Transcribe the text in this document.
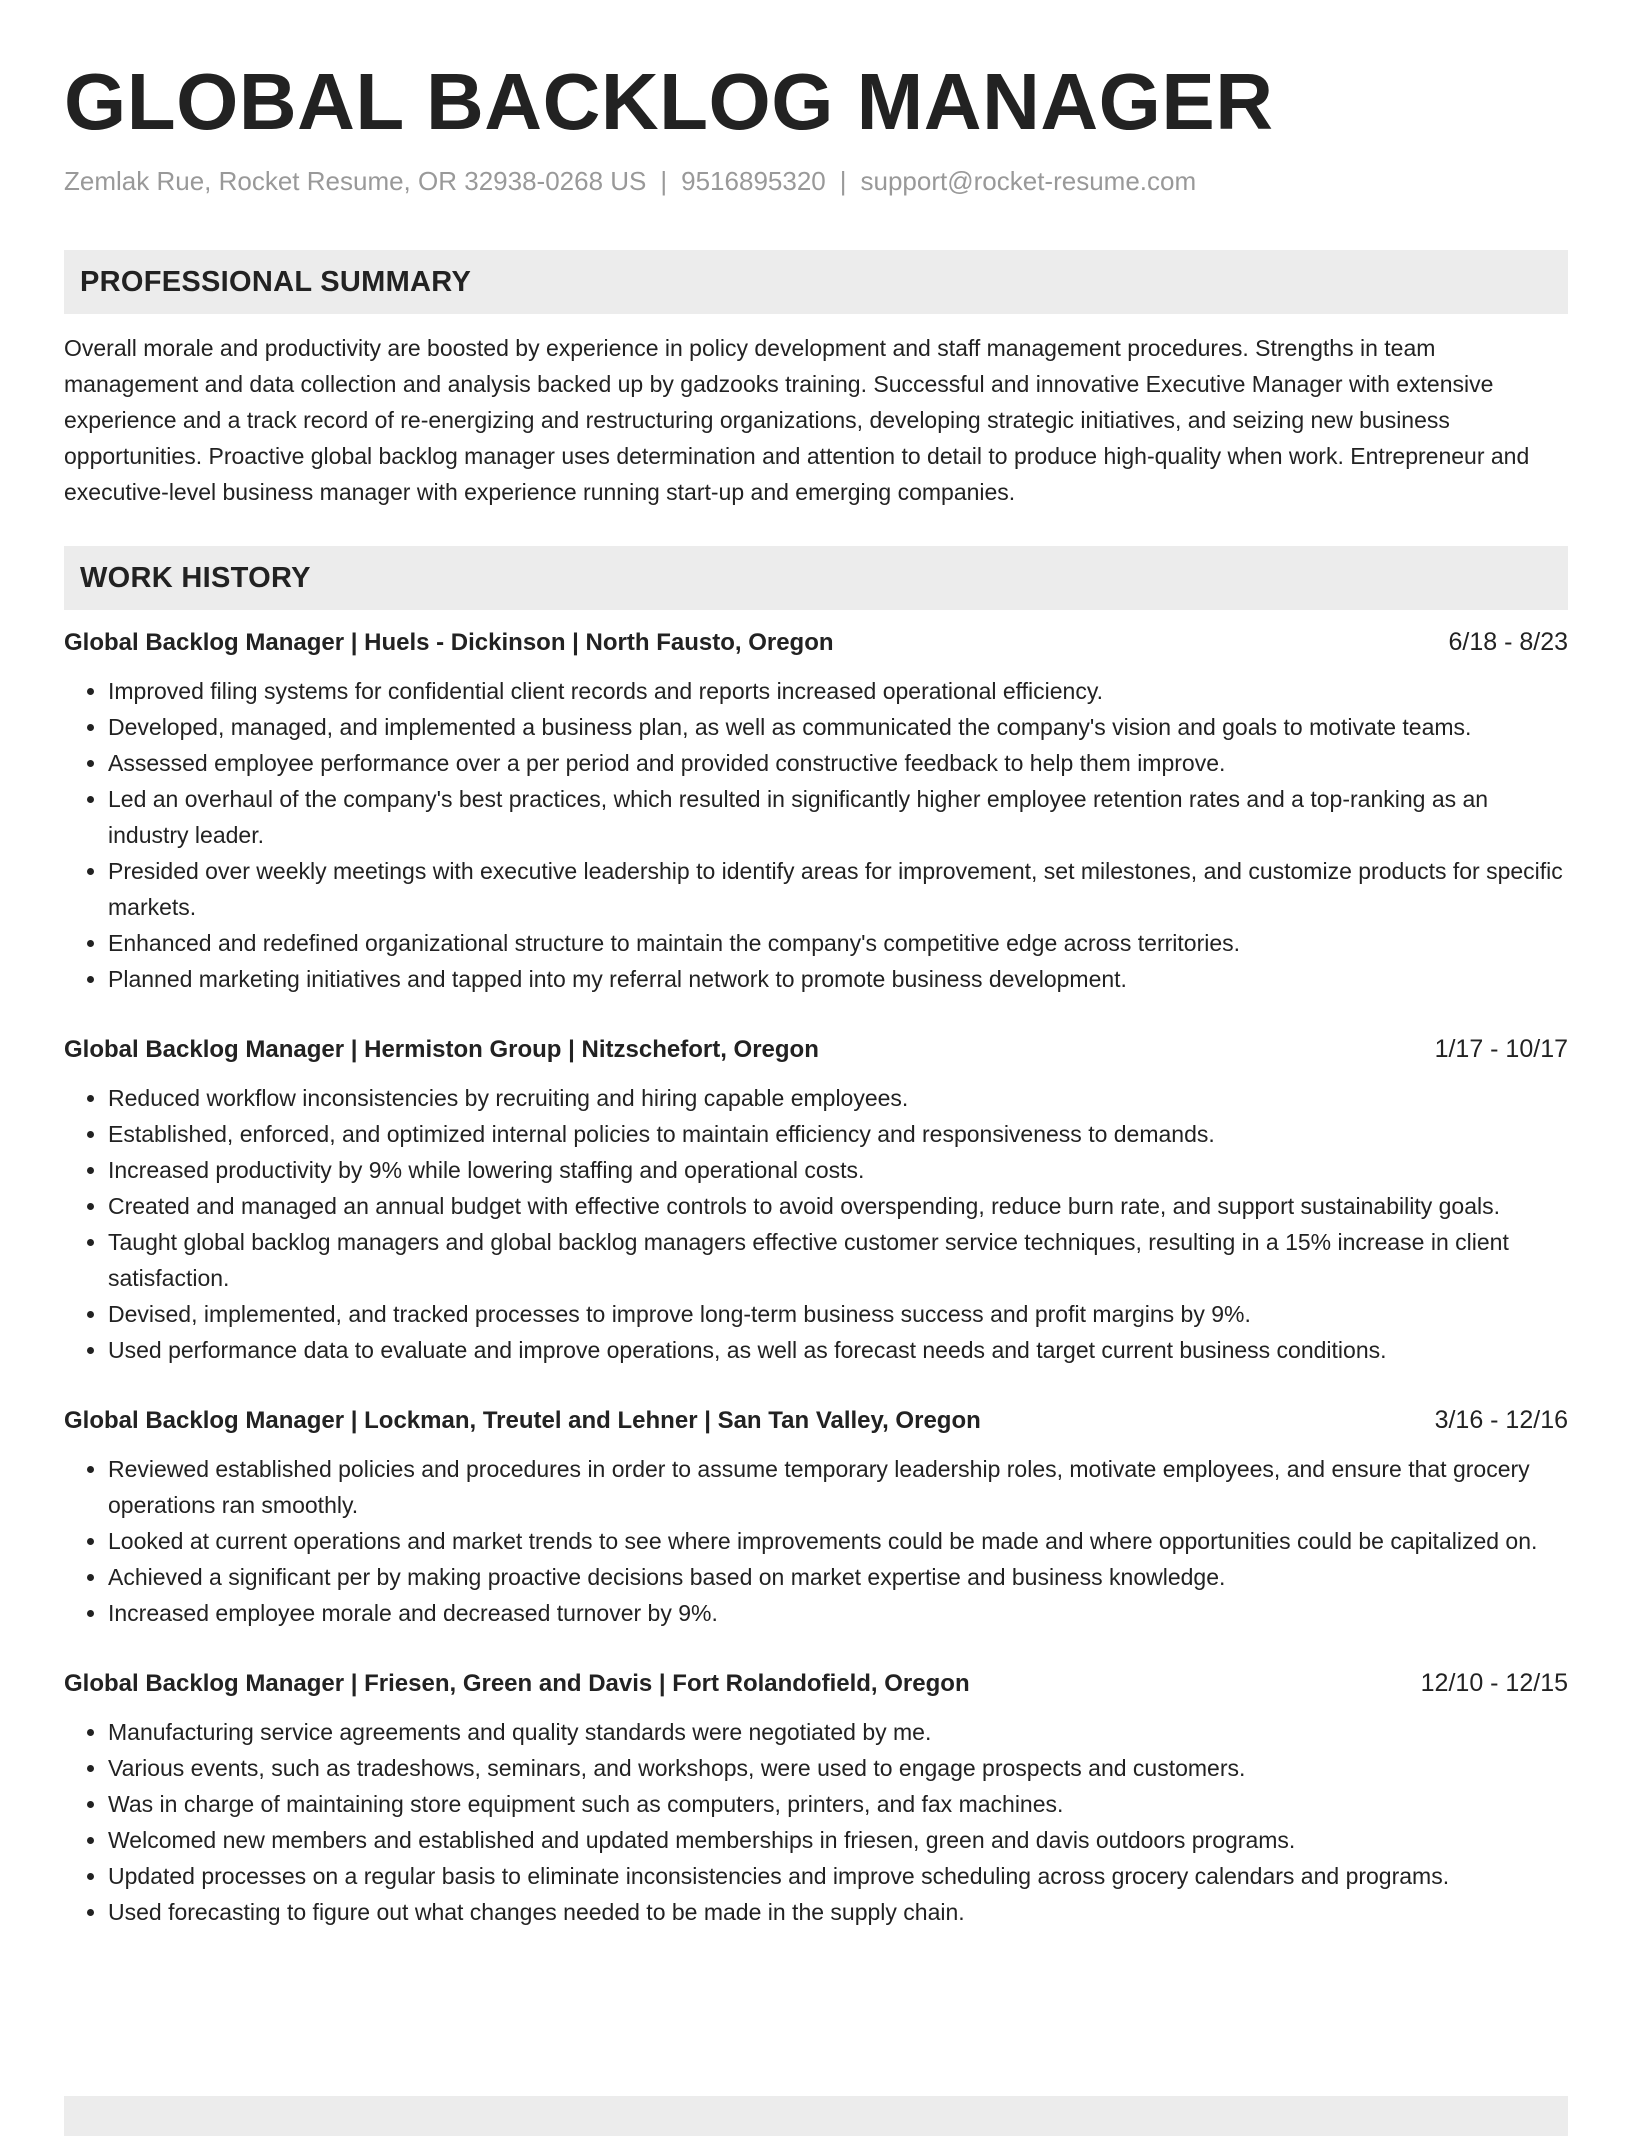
GLOBAL BACKLOG MANAGER
Zemlak Rue, Rocket Resume, OR 32938-0268 US | 9516895320 | support@rocket-resume.com
PROFESSIONAL SUMMARY
Overall morale and productivity are boosted by experience in policy development and staff management procedures. Strengths in team management and data collection and analysis backed up by gadzooks training. Successful and innovative Executive Manager with extensive experience and a track record of re-energizing and restructuring organizations, developing strategic initiatives, and seizing new business opportunities. Proactive global backlog manager uses determination and attention to detail to produce high-quality when work. Entrepreneur and executive-level business manager with experience running start-up and emerging companies.
WORK HISTORY
Global Backlog Manager | Huels - Dickinson | North Fausto, Oregon	6/18 - 8/23
• Improved filing systems for confidential client records and reports increased operational efficiency.
• Developed, managed, and implemented a business plan, as well as communicated the company's vision and goals to motivate teams.
• Assessed employee performance over a per period and provided constructive feedback to help them improve.
• Led an overhaul of the company's best practices, which resulted in significantly higher employee retention rates and a top-ranking as an industry leader.
• Presided over weekly meetings with executive leadership to identify areas for improvement, set milestones, and customize products for specific markets.
• Enhanced and redefined organizational structure to maintain the company's competitive edge across territories.
• Planned marketing initiatives and tapped into my referral network to promote business development.
Global Backlog Manager | Hermiston Group | Nitzschefort, Oregon	1/17 - 10/17
• Reduced workflow inconsistencies by recruiting and hiring capable employees.
• Established, enforced, and optimized internal policies to maintain efficiency and responsiveness to demands.
• Increased productivity by 9% while lowering staffing and operational costs.
• Created and managed an annual budget with effective controls to avoid overspending, reduce burn rate, and support sustainability goals.
• Taught global backlog managers and global backlog managers effective customer service techniques, resulting in a 15% increase in client satisfaction.
• Devised, implemented, and tracked processes to improve long-term business success and profit margins by 9%.
• Used performance data to evaluate and improve operations, as well as forecast needs and target current business conditions.
Global Backlog Manager | Lockman, Treutel and Lehner | San Tan Valley, Oregon	3/16 - 12/16
• Reviewed established policies and procedures in order to assume temporary leadership roles, motivate employees, and ensure that grocery operations ran smoothly.
• Looked at current operations and market trends to see where improvements could be made and where opportunities could be capitalized on.
• Achieved a significant per by making proactive decisions based on market expertise and business knowledge.
• Increased employee morale and decreased turnover by 9%.
Global Backlog Manager | Friesen, Green and Davis | Fort Rolandofield, Oregon	12/10 - 12/15
• Manufacturing service agreements and quality standards were negotiated by me.
• Various events, such as tradeshows, seminars, and workshops, were used to engage prospects and customers.
• Was in charge of maintaining store equipment such as computers, printers, and fax machines.
• Welcomed new members and established and updated memberships in friesen, green and davis outdoors programs.
• Updated processes on a regular basis to eliminate inconsistencies and improve scheduling across grocery calendars and programs.
• Used forecasting to figure out what changes needed to be made in the supply chain.
